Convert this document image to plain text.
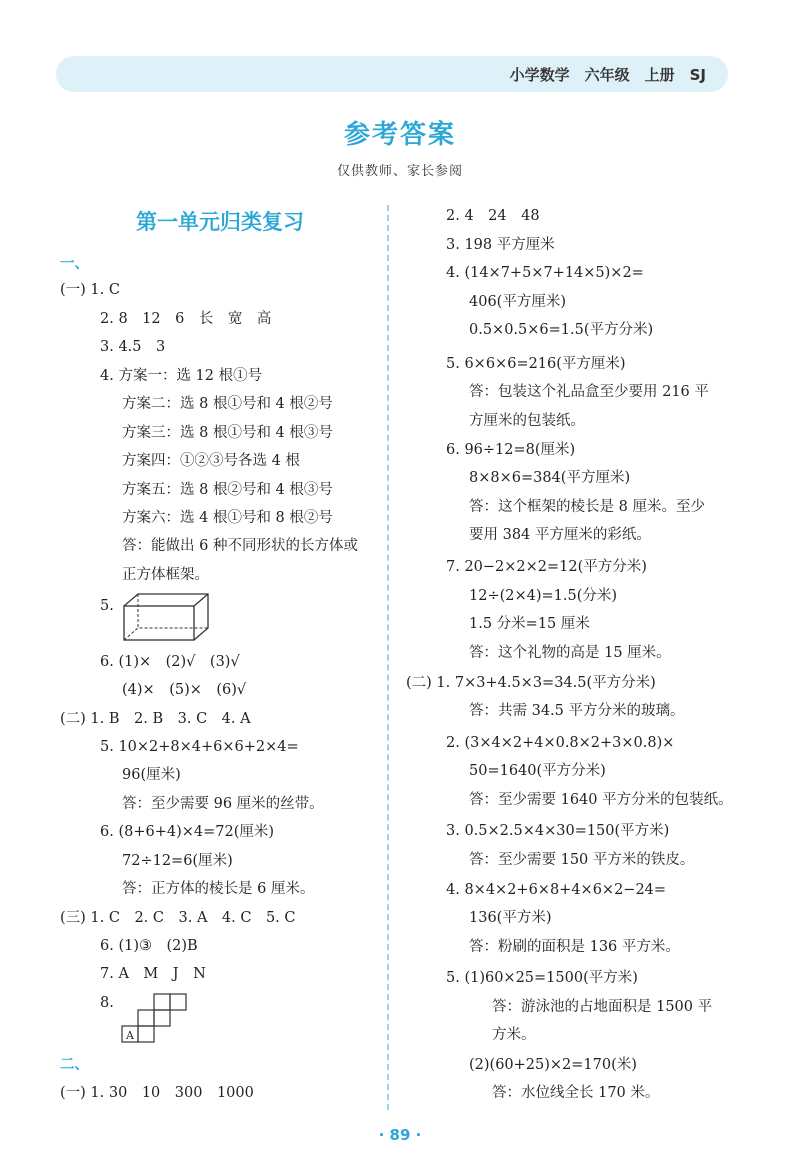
小学数学　六年级　上册　SJ
参考答案
仅供教师、家长参阅
第一单元归类复习
一、
(一) 1. C
2. 8　12　6　长　宽　高
3. 4.5　3
4. 方案一：选 12 根①号
方案二：选 8 根①号和 4 根②号
方案三：选 8 根①号和 4 根③号
方案四：①②③号各选 4 根
方案五：选 8 根②号和 4 根③号
方案六：选 4 根①号和 8 根②号
答：能做出 6 种不同形状的长方体或
正方体框架。
5.
6. (1)×　(2)√　(3)√
(4)×　(5)×　(6)√
(二) 1. B　2. B　3. C　4. A
5. 10×2+8×4+6×6+2×4=
96(厘米)
答：至少需要 96 厘米的丝带。
6. (8+6+4)×4=72(厘米)
72÷12=6(厘米)
答：正方体的棱长是 6 厘米。
(三) 1. C　2. C　3. A　4. C　5. C
6. (1)③　(2)B
7. A　M　J　N
8.
二、
(一) 1. 30　10　300　1000
2. 4　24　48
3. 198 平方厘米
4. (14×7+5×7+14×5)×2=
406(平方厘米)
0.5×0.5×6=1.5(平方分米)
5. 6×6×6=216(平方厘米)
答：包装这个礼品盒至少要用 216 平
方厘米的包装纸。
6. 96÷12=8(厘米)
8×8×6=384(平方厘米)
答：这个框架的棱长是 8 厘米。至少
要用 384 平方厘米的彩纸。
7. 20−2×2×2=12(平方分米)
12÷(2×4)=1.5(分米)
1.5 分米=15 厘米
答：这个礼物的高是 15 厘米。
(二) 1. 7×3+4.5×3=34.5(平方分米)
答：共需 34.5 平方分米的玻璃。
2. (3×4×2+4×0.8×2+3×0.8)×
50=1640(平方分米)
答：至少需要 1640 平方分米的包装纸。
3. 0.5×2.5×4×30=150(平方米)
答：至少需要 150 平方米的铁皮。
4. 8×4×2+6×8+4×6×2−24=
136(平方米)
答：粉刷的面积是 136 平方米。
5. (1)60×25=1500(平方米)
答：游泳池的占地面积是 1500 平
方米。
(2)(60+25)×2=170(米)
答：水位线全长 170 米。
A
· 89 ·
